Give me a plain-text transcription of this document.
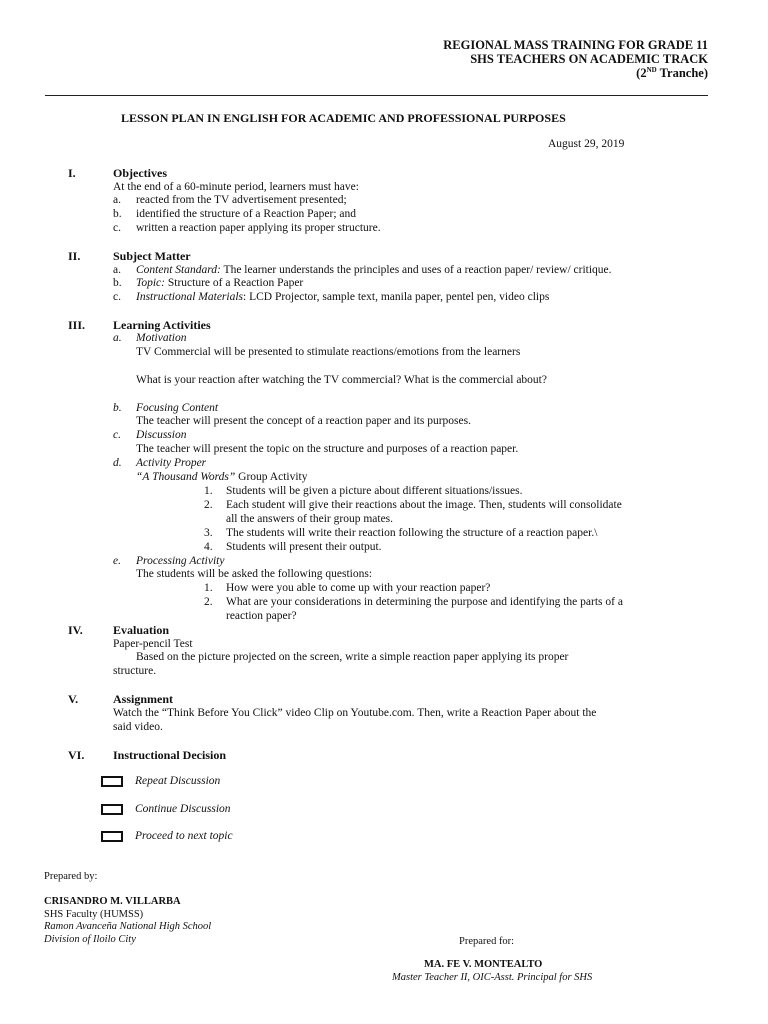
REGIONAL MASS TRAINING FOR GRADE 11
SHS TEACHERS ON ACADEMIC TRACK
(2ND Tranche)
LESSON PLAN IN ENGLISH FOR ACADEMIC AND PROFESSIONAL PURPOSES
August 29, 2019
I.	Objectives
At the end of a 60-minute period, learners must have:
a. reacted from the TV advertisement presented;
b. identified the structure of a Reaction Paper; and
c. written a reaction paper applying its proper structure.
II.	Subject Matter
a. Content Standard: The learner understands the principles and uses of a reaction paper/ review/ critique.
b. Topic: Structure of a Reaction Paper
c. Instructional Materials: LCD Projector, sample text, manila paper, pentel pen, video clips
III. Learning Activities
a. Motivation
TV Commercial will be presented to stimulate reactions/emotions from the learners
What is your reaction after watching the TV commercial? What is the commercial about?
b. Focusing Content
The teacher will present the concept of a reaction paper and its purposes.
c. Discussion
The teacher will present the topic on the structure and purposes of a reaction paper.
d. Activity Proper
“A Thousand Words” Group Activity
1. Students will be given a picture about different situations/issues.
2. Each student will give their reactions about the image. Then, students will consolidate
all the answers of their group mates.
3. The students will write their reaction following the structure of a reaction paper.\
4. Students will present their output.
e. Processing Activity
The students will be asked the following questions:
1. How were you able to come up with your reaction paper?
2. What are your considerations in determining the purpose and identifying the parts of a
reaction paper?
IV.	Evaluation
Paper-pencil Test
Based on the picture projected on the screen, write a simple reaction paper applying its proper
structure.
V.	Assignment
Watch the “Think Before You Click” video Clip on Youtube.com. Then, write a Reaction Paper about the
said video.
VI. Instructional Decision
Repeat Discussion
Continue Discussion
Proceed to next topic
Prepared by:
CRISANDRO M. VILLARBA
SHS Faculty (HUMSS)
Ramon Avanceña National High School
Division of Iloilo City	Prepared for:
MA. FE V. MONTEALTO
Master Teacher II, OIC-Asst. Principal for SHS
